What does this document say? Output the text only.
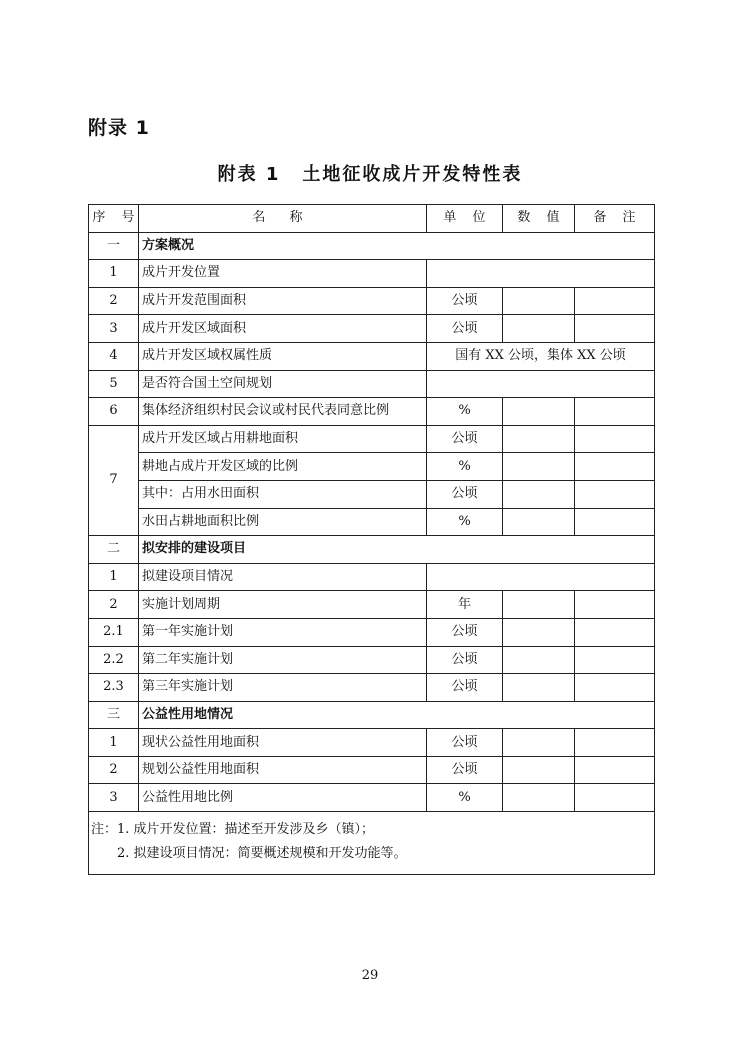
附录 1
附表 1 土地征收成片开发特性表
序 号	名 称	单 位	数 值	备 注
一	方案概况			
1	成片开发位置			
2	成片开发范围面积	公顷		
3	成片开发区域面积	公顷		
4	成片开发区域权属性质	国有 XX 公顷，集体 XX 公顷		
5	是否符合国土空间规划			
6	集体经济组织村民会议或村民代表同意比例	%		
7	成片开发区域占用耕地面积	公顷		
	耕地占成片开发区域的比例	%		
	其中：占用水田面积	公顷		
	水田占耕地面积比例	%		
二	拟安排的建设项目			
1	拟建设项目情况			
2	实施计划周期	年		
2.1	第一年实施计划	公顷		
2.2	第二年实施计划	公顷		
2.3	第三年实施计划	公顷		
三	公益性用地情况			
1	现状公益性用地面积	公顷		
2	规划公益性用地面积	公顷		
3	公益性用地比例	%		

注：1. 成片开发位置：描述至开发涉及乡（镇）；
2. 拟建设项目情况：简要概述规模和开发功能等。				
29
